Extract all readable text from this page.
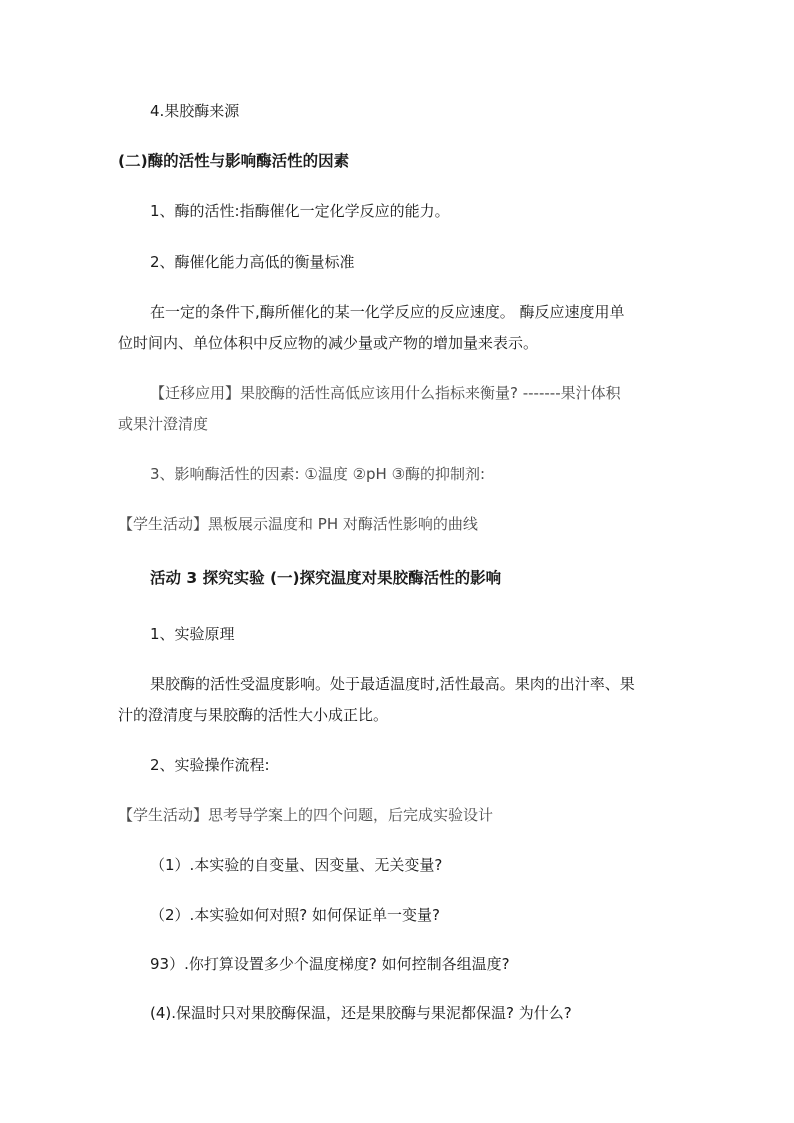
4.果胶酶来源

(二)酶的活性与影响酶活性的因素

1、酶的活性:指酶催化一定化学反应的能力。

2、酶催化能力高低的衡量标准

在一定的条件下,酶所催化的某一化学反应的反应速度。 酶反应速度用单

位时间内、单位体积中反应物的减少量或产物的增加量来表示。

【迁移应用】果胶酶的活性高低应该用什么指标来衡量? -------果汁体积

或果汁澄清度

3、影响酶活性的因素: ①温度 ②pH ③酶的抑制剂:

【学生活动】黑板展示温度和 PH 对酶活性影响的曲线

活动 3 探究实验 (一)探究温度对果胶酶活性的影响

1、实验原理

果胶酶的活性受温度影响。处于最适温度时,活性最高。果肉的出汁率、果

汁的澄清度与果胶酶的活性大小成正比。

2、实验操作流程:

【学生活动】思考导学案上的四个问题，后完成实验设计

（1）.本实验的自变量、因变量、无关变量?

（2）.本实验如何对照? 如何保证单一变量?

93）.你打算设置多少个温度梯度? 如何控制各组温度?

(4).保温时只对果胶酶保温，还是果胶酶与果泥都保温? 为什么?
